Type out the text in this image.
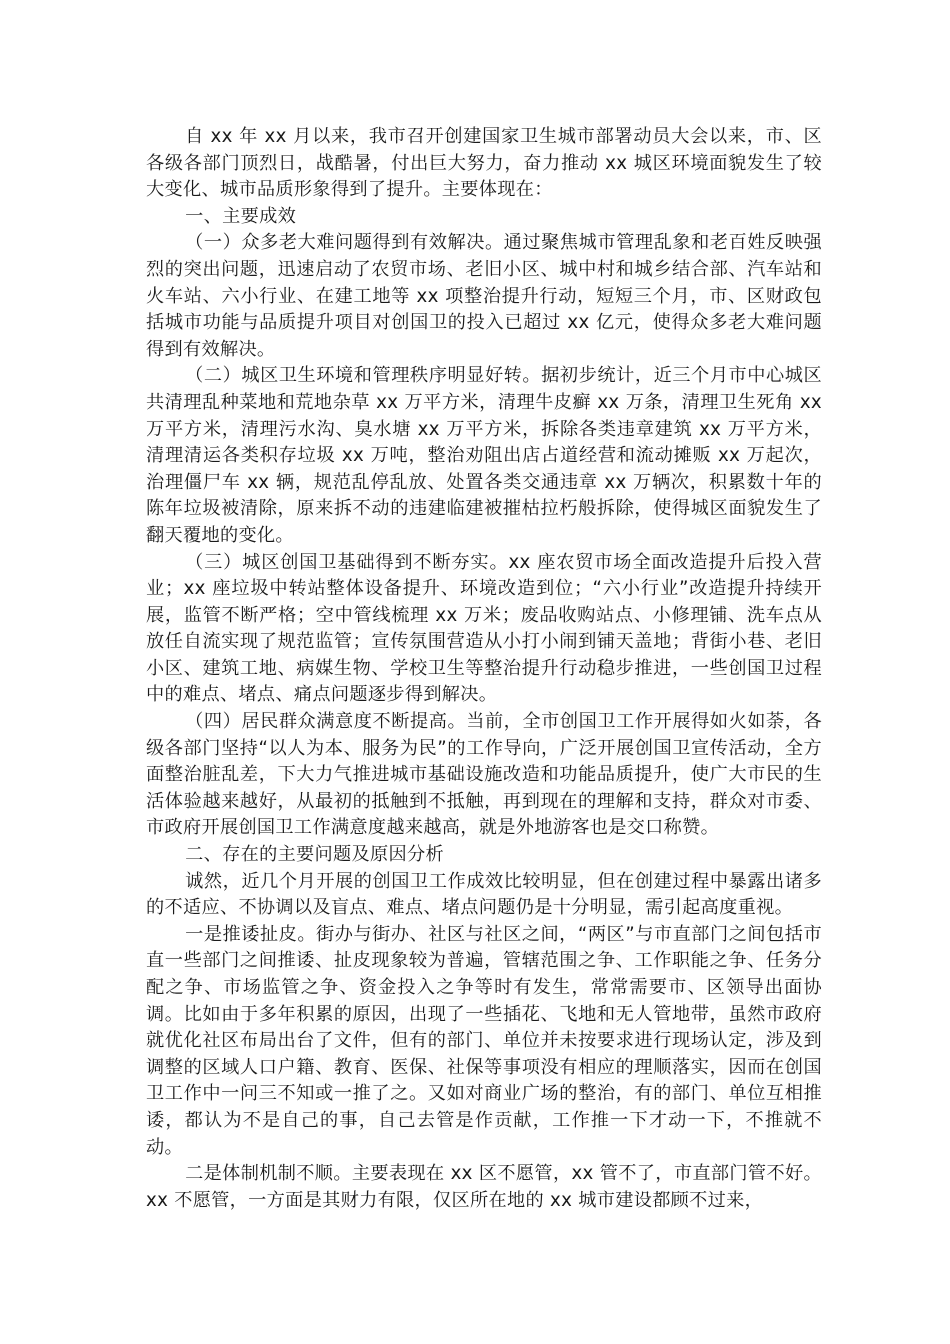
自 xx 年 xx 月以来，我市召开创建国家卫生城市部署动员大会以来，市、区各级各部门顶烈日，战酷暑，付出巨大努力，奋力推动 xx 城区环境面貌发生了较大变化、城市品质形象得到了提升。主要体现在：

一、主要成效

（一）众多老大难问题得到有效解决。通过聚焦城市管理乱象和老百姓反映强烈的突出问题，迅速启动了农贸市场、老旧小区、城中村和城乡结合部、汽车站和火车站、六小行业、在建工地等 xx 项整治提升行动，短短三个月，市、区财政包括城市功能与品质提升项目对创国卫的投入已超过 xx 亿元，使得众多老大难问题得到有效解决。

（二）城区卫生环境和管理秩序明显好转。据初步统计，近三个月市中心城区共清理乱种菜地和荒地杂草 xx 万平方米，清理牛皮癣 xx 万条，清理卫生死角 xx 万平方米，清理污水沟、臭水塘 xx 万平方米，拆除各类违章建筑 xx 万平方米，清理清运各类积存垃圾 xx 万吨，整治劝阻出店占道经营和流动摊贩 xx 万起次，治理僵尸车 xx 辆，规范乱停乱放、处置各类交通违章 xx 万辆次，积累数十年的陈年垃圾被清除，原来拆不动的违建临建被摧枯拉朽般拆除，使得城区面貌发生了翻天覆地的变化。

（三）城区创国卫基础得到不断夯实。xx 座农贸市场全面改造提升后投入营业；xx 座垃圾中转站整体设备提升、环境改造到位；“六小行业”改造提升持续开展，监管不断严格；空中管线梳理 xx 万米；废品收购站点、小修理铺、洗车点从放任自流实现了规范监管；宣传氛围营造从小打小闹到铺天盖地；背街小巷、老旧小区、建筑工地、病媒生物、学校卫生等整治提升行动稳步推进，一些创国卫过程中的难点、堵点、痛点问题逐步得到解决。

（四）居民群众满意度不断提高。当前，全市创国卫工作开展得如火如荼，各级各部门坚持“以人为本、服务为民”的工作导向，广泛开展创国卫宣传活动，全方面整治脏乱差，下大力气推进城市基础设施改造和功能品质提升，使广大市民的生活体验越来越好，从最初的抵触到不抵触，再到现在的理解和支持，群众对市委、市政府开展创国卫工作满意度越来越高，就是外地游客也是交口称赞。

二、存在的主要问题及原因分析

诚然，近几个月开展的创国卫工作成效比较明显，但在创建过程中暴露出诸多的不适应、不协调以及盲点、难点、堵点问题仍是十分明显，需引起高度重视。

一是推诿扯皮。街办与街办、社区与社区之间，“两区”与市直部门之间包括市直一些部门之间推诿、扯皮现象较为普遍，管辖范围之争、工作职能之争、任务分配之争、市场监管之争、资金投入之争等时有发生，常常需要市、区领导出面协调。比如由于多年积累的原因，出现了一些插花、飞地和无人管地带，虽然市政府就优化社区布局出台了文件，但有的部门、单位并未按要求进行现场认定，涉及到调整的区域人口户籍、教育、医保、社保等事项没有相应的理顺落实，因而在创国卫工作中一问三不知或一推了之。又如对商业广场的整治，有的部门、单位互相推诿，都认为不是自己的事，自己去管是作贡献，工作推一下才动一下，不推就不动。

二是体制机制不顺。主要表现在 xx 区不愿管，xx 管不了，市直部门管不好。xx 不愿管，一方面是其财力有限，仅区所在地的 xx 城市建设都顾不过来，
